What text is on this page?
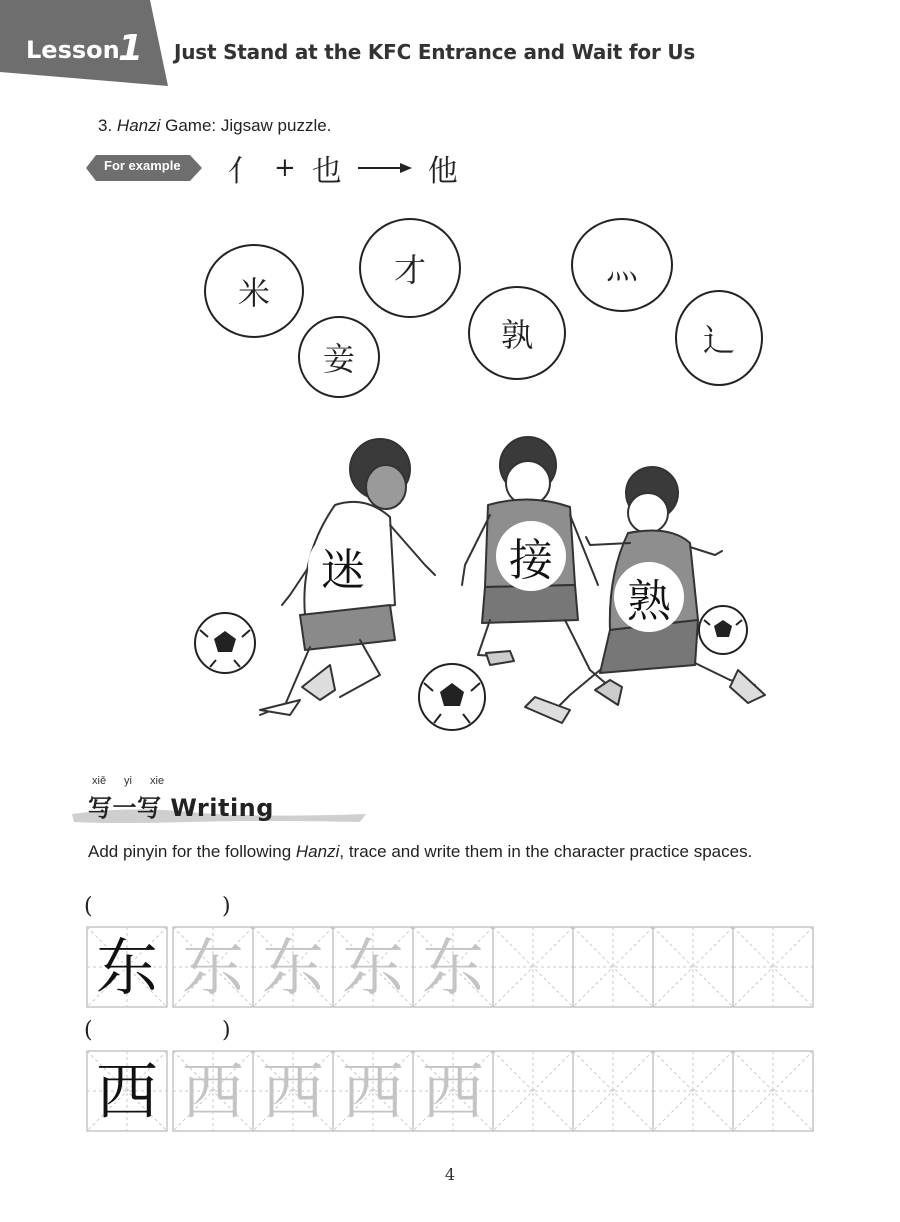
Lesson
1 Just Stand at the KFC Entrance and Wait for Us
3. Hanzi Game: Jigsaw puzzle.
For example 亻 + 也	他
米
才	灬
妾
孰	辶
迷	接
熟
xiě yi xie
写一写 Writing
Add pinyin for the following Hanzi, trace and write them in the character practice spaces.
(	)
东 东 东 东 东
(	)
西 西 西 西 西
4
